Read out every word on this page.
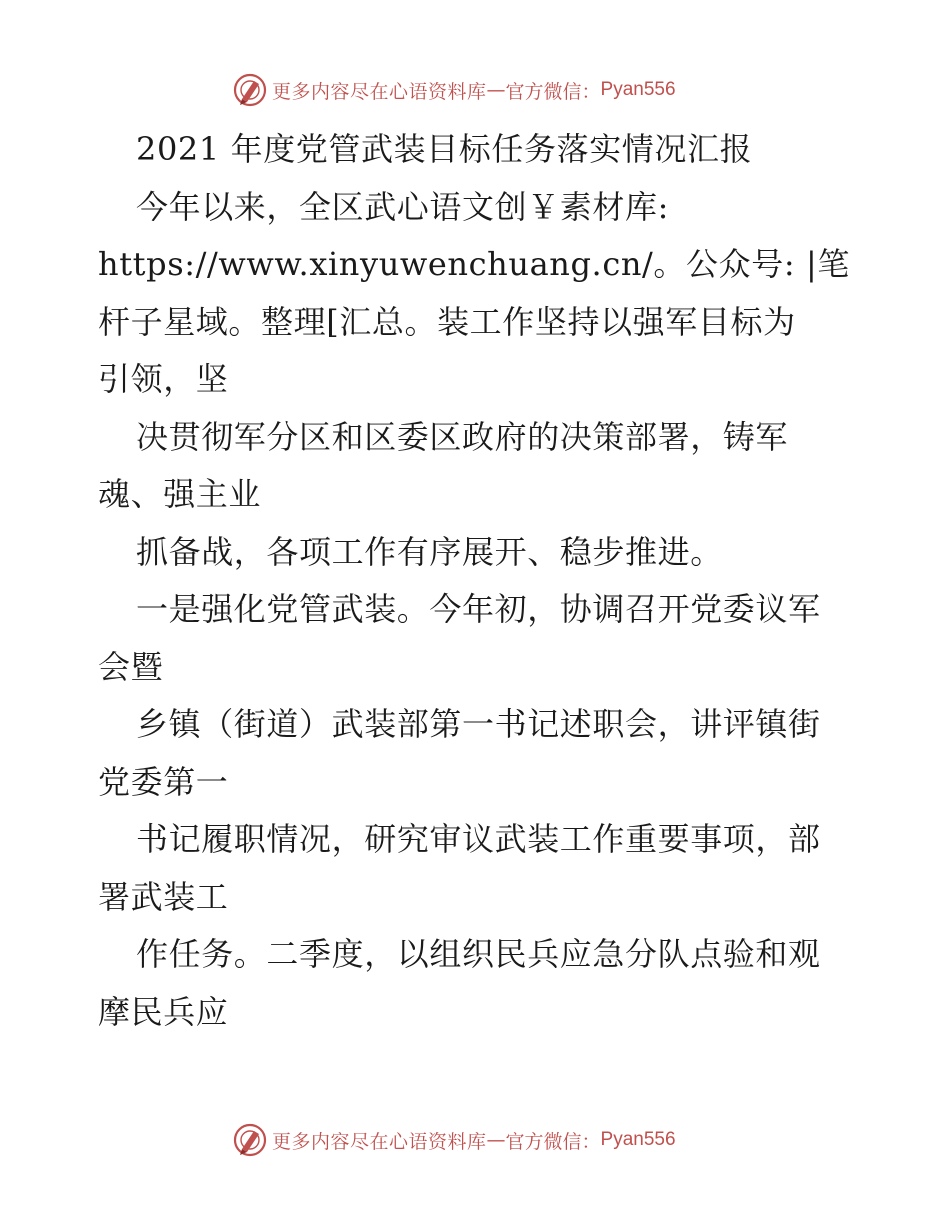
更多内容尽在心语资料库 — 官方微信： Pyan556
2021 年度党管武装目标任务落实情况汇报
今年以来，全区武心语文创￥素材库:
https://www.xinyuwenchuang.cn/。公众号: |笔
杆子星域。整理[汇总。装工作坚持以强军目标为
引领，坚
决贯彻军分区和区委区政府的决策部署，铸军
魂、强主业
抓备战，各项工作有序展开、稳步推进。
一是强化党管武装。今年初，协调召开党委议军
会暨
乡镇（街道）武装部第一书记述职会，讲评镇街
党委第一
书记履职情况，研究审议武装工作重要事项，部
署武装工
作任务。二季度，以组织民兵应急分队点验和观
摩民兵应
更多内容尽在心语资料库 — 官方微信： Pyan556
